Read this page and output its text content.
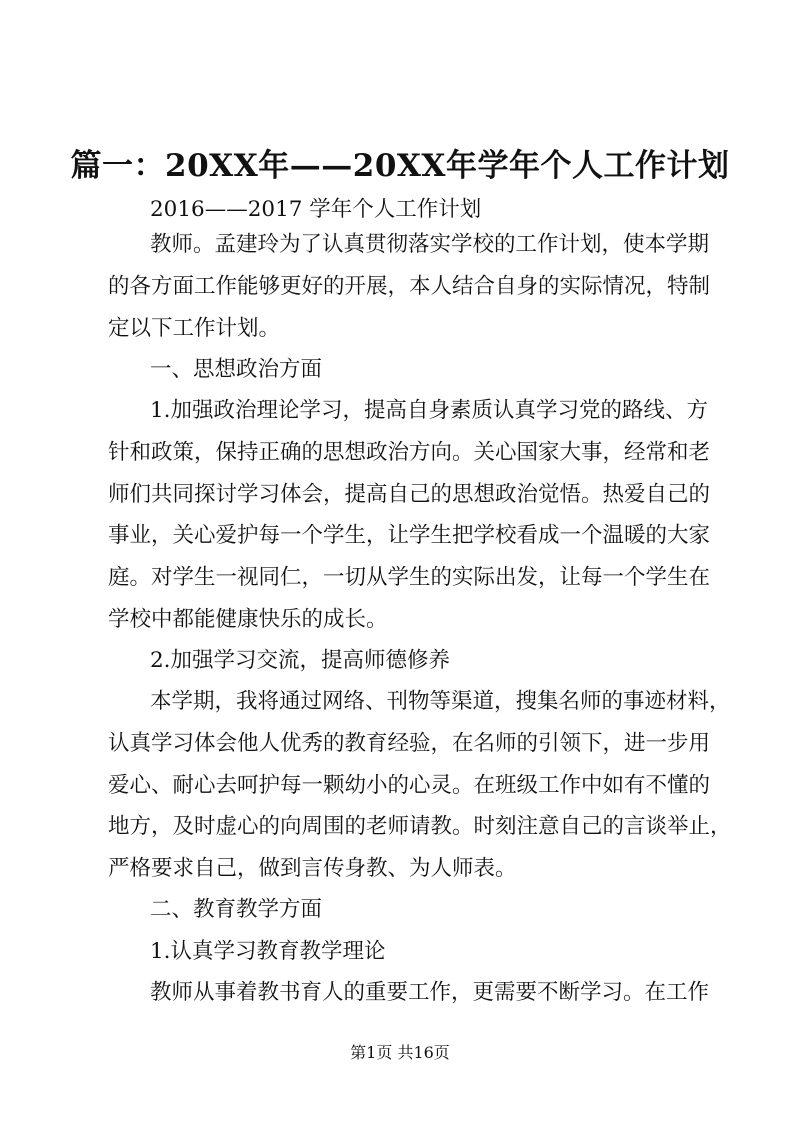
篇一：20XX年——20XX年学年个人工作计划
2016——2017 学年个人工作计划
教师。孟建玲为了认真贯彻落实学校的工作计划，使本学期
的各方面工作能够更好的开展，本人结合自身的实际情况，特制
定以下工作计划。
一、思想政治方面
1.加强政治理论学习，提高自身素质认真学习党的路线、方
针和政策，保持正确的思想政治方向。关心国家大事，经常和老
师们共同探讨学习体会，提高自己的思想政治觉悟。热爱自己的
事业，关心爱护每一个学生，让学生把学校看成一个温暖的大家
庭。对学生一视同仁，一切从学生的实际出发，让每一个学生在
学校中都能健康快乐的成长。
2.加强学习交流，提高师德修养
本学期，我将通过网络、刊物等渠道，搜集名师的事迹材料，
认真学习体会他人优秀的教育经验，在名师的引领下，进一步用
爱心、耐心去呵护每一颗幼小的心灵。在班级工作中如有不懂的
地方，及时虚心的向周围的老师请教。时刻注意自己的言谈举止，
严格要求自己，做到言传身教、为人师表。
二、教育教学方面
1.认真学习教育教学理论
教师从事着教书育人的重要工作，更需要不断学习。在工作
第1页 共16页
